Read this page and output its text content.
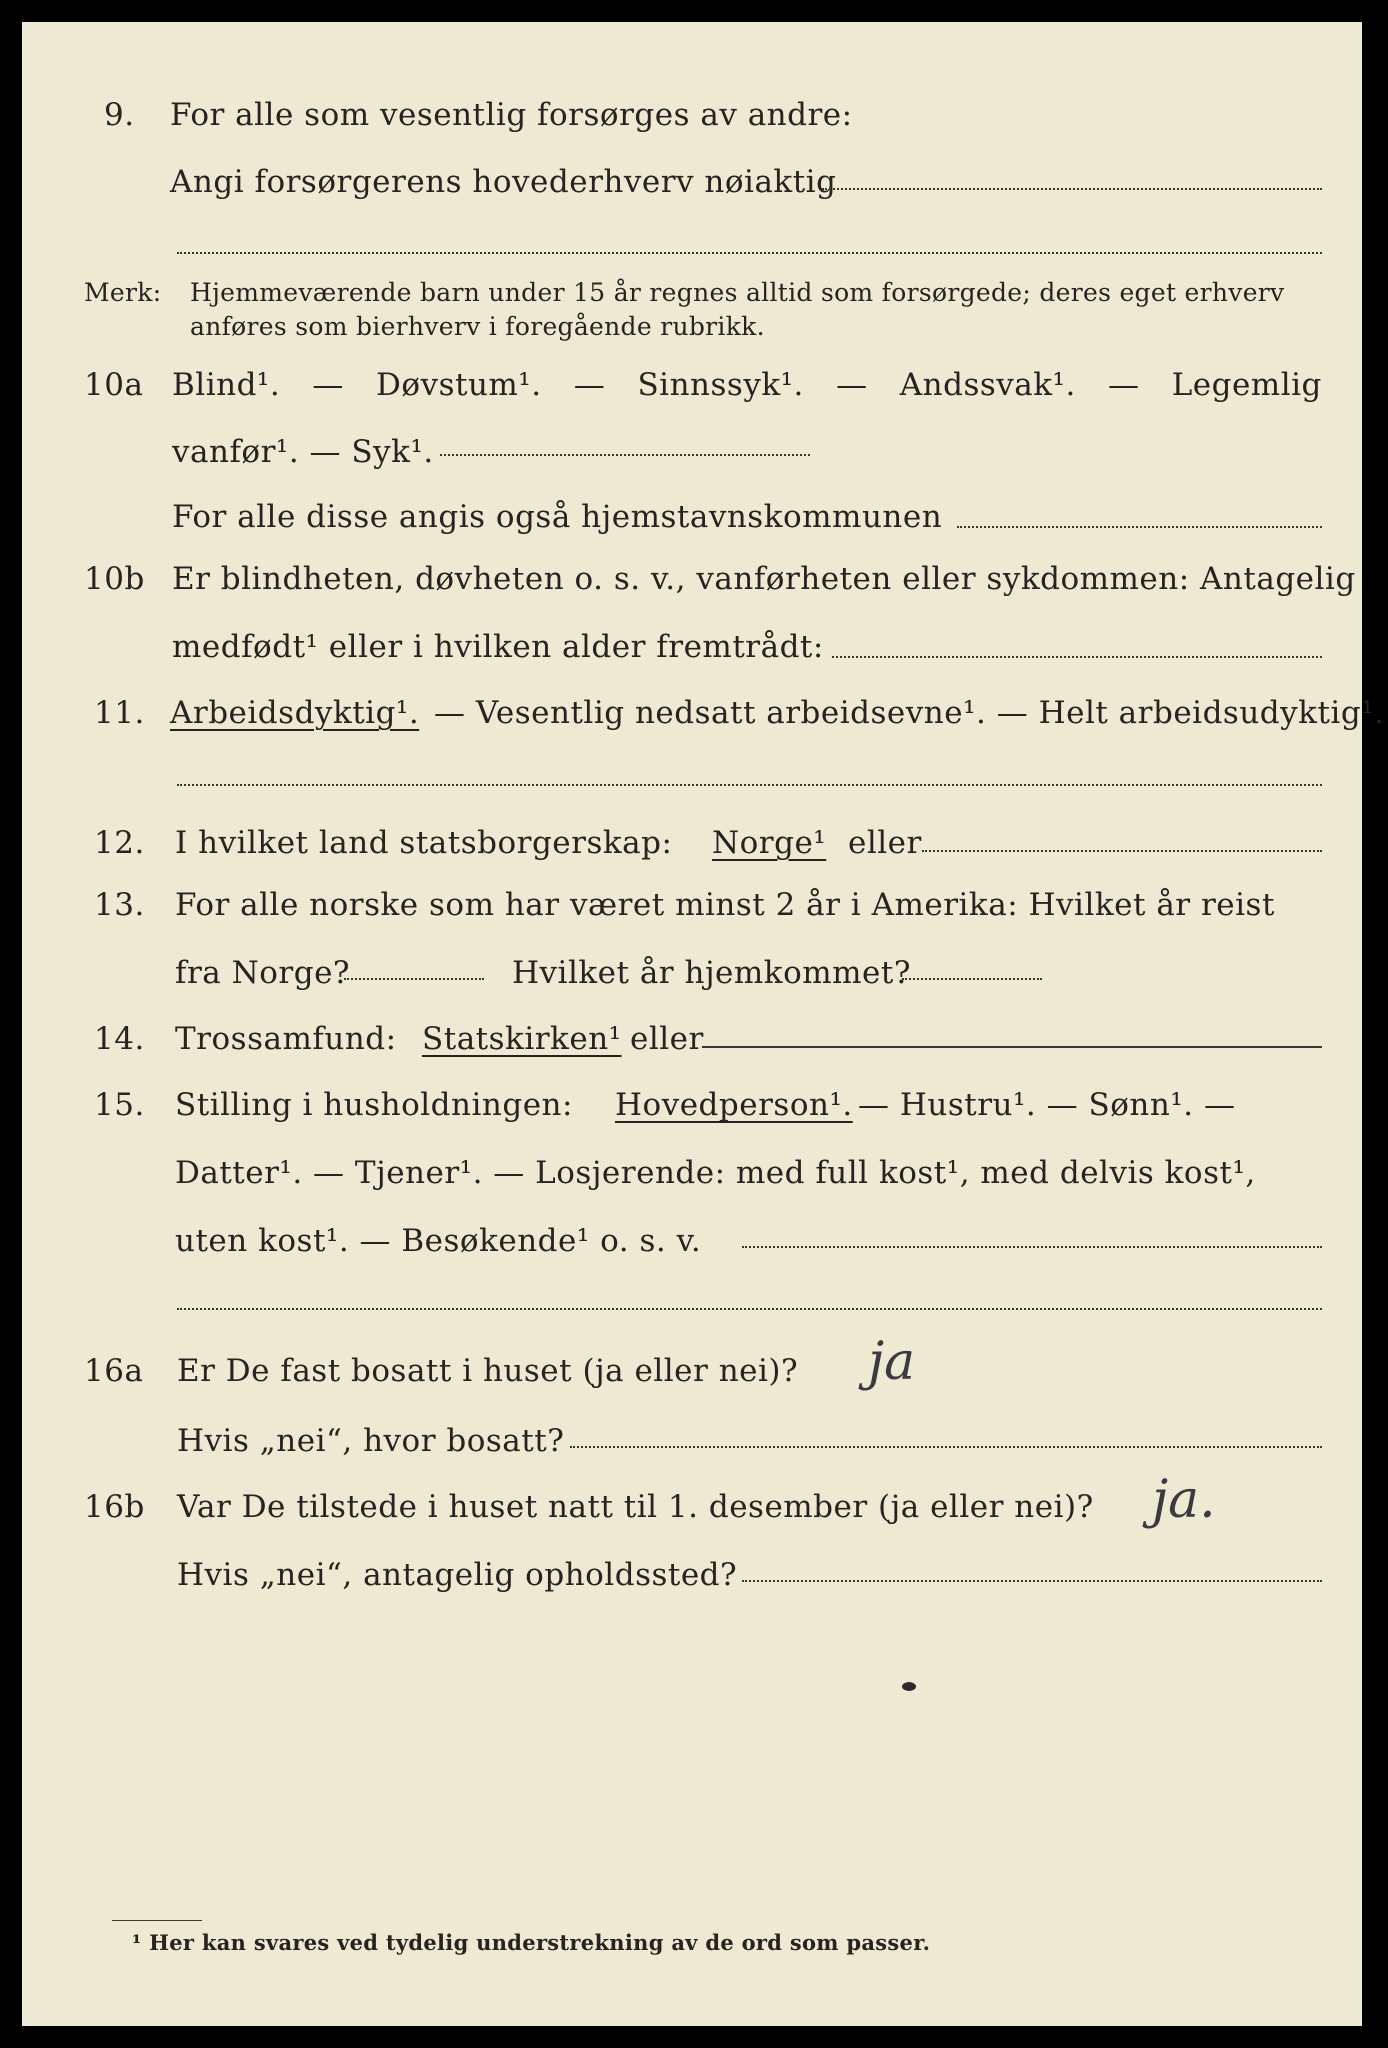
9. For alle som vesentlig forsørges av andre:
Angi forsørgerens hovederhverv nøiaktig
Merk: Hjemmeværende barn under 15 år regnes alltid som forsørgede; deres eget erhverv
anføres som bierhverv i foregående rubrikk.
10a Blind¹. — Døvstum¹. — Sinnssyk¹. — Andssvak¹. — Legemlig
vanfør¹. — Syk¹.
For alle disse angis også hjemstavnskommunen
10b Er blindheten, døvheten o. s. v., vanførheten eller sykdommen: Antagelig
medfødt¹ eller i hvilken alder fremtrådt:
11. Arbeidsdyktig¹. — Vesentlig nedsatt arbeidsevne¹. — Helt arbeidsudyktig¹.
12. I hvilket land statsborgerskap: Norge¹ eller
13. For alle norske som har været minst 2 år i Amerika: Hvilket år reist
fra Norge?	Hvilket år hjemkommet?
14. Trossamfund: Statskirken¹ eller
15. Stilling i husholdningen: Hovedperson¹. — Hustru¹. — Sønn¹. —
Datter¹. — Tjener¹. — Losjerende: med full kost¹, med delvis kost¹,
uten kost¹. — Besøkende¹ o. s. v.
16a Er De fast bosatt i huset (ja eller nei)? ja
Hvis „nei“, hvor bosatt?
16b Var De tilstede i huset natt til 1. desember (ja eller nei)? ja.
Hvis „nei“, antagelig opholdssted?
¹ Her kan svares ved tydelig understrekning av de ord som passer.
